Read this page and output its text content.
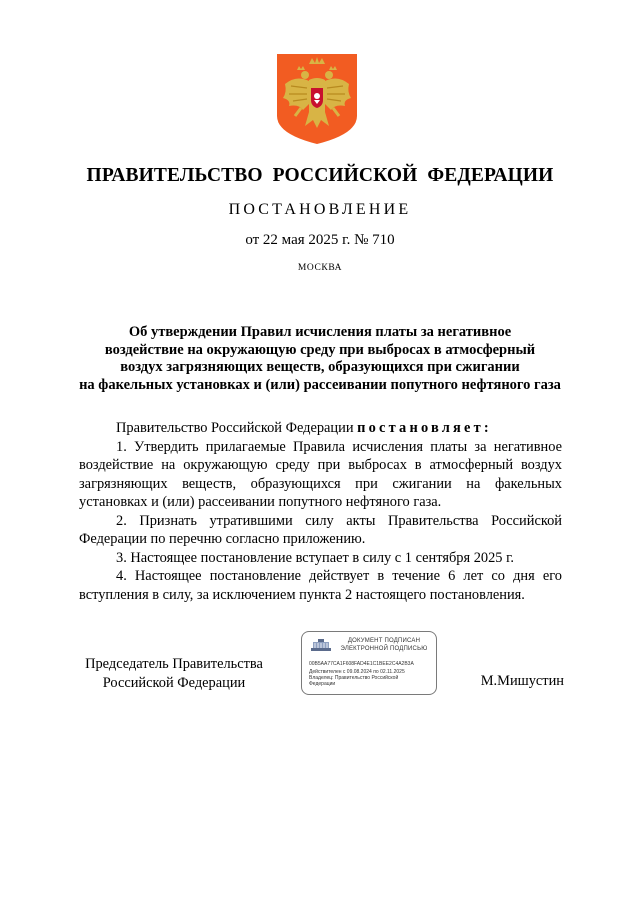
ПРАВИТЕЛЬСТВО РОССИЙСКОЙ ФЕДЕРАЦИИ
ПОСТАНОВЛЕНИЕ
от 22 мая 2025 г. № 710
МОСКВА
Об утверждении Правил исчисления платы за негативное
воздействие на окружающую среду при выбросах в атмосферный
воздух загрязняющих веществ, образующихся при сжигании
на факельных установках и (или) рассеивании попутного нефтяного газа

Правительство Российской Федерации постановляет:

1. Утвердить прилагаемые Правила исчисления платы за негативное воздействие на окружающую среду при выбросах в атмосферный воздух загрязняющих веществ, образующихся при сжигании на факельных установках и (или) рассеивании попутного нефтяного газа.

2. Признать утратившими силу акты Правительства Российской Федерации по перечню согласно приложению.

3. Настоящее постановление вступает в силу с 1 сентября 2025 г.

4. Настоящее постановление действует в течение 6 лет со дня его вступления в силу, за исключением пункта 2 настоящего постановления.

Председатель Правительства
Российской Федерации
ДОКУМЕНТ ПОДПИСАН
ЭЛЕКТРОННОЙ ПОДПИСЬЮ
00B5AA77CA1F608FAD4E1C1BEE2C4A2B3A
Действителен с 09.08.2024 по 02.11.2025
Владелец: Правительство Российской
Федерации	М.Мишустин
